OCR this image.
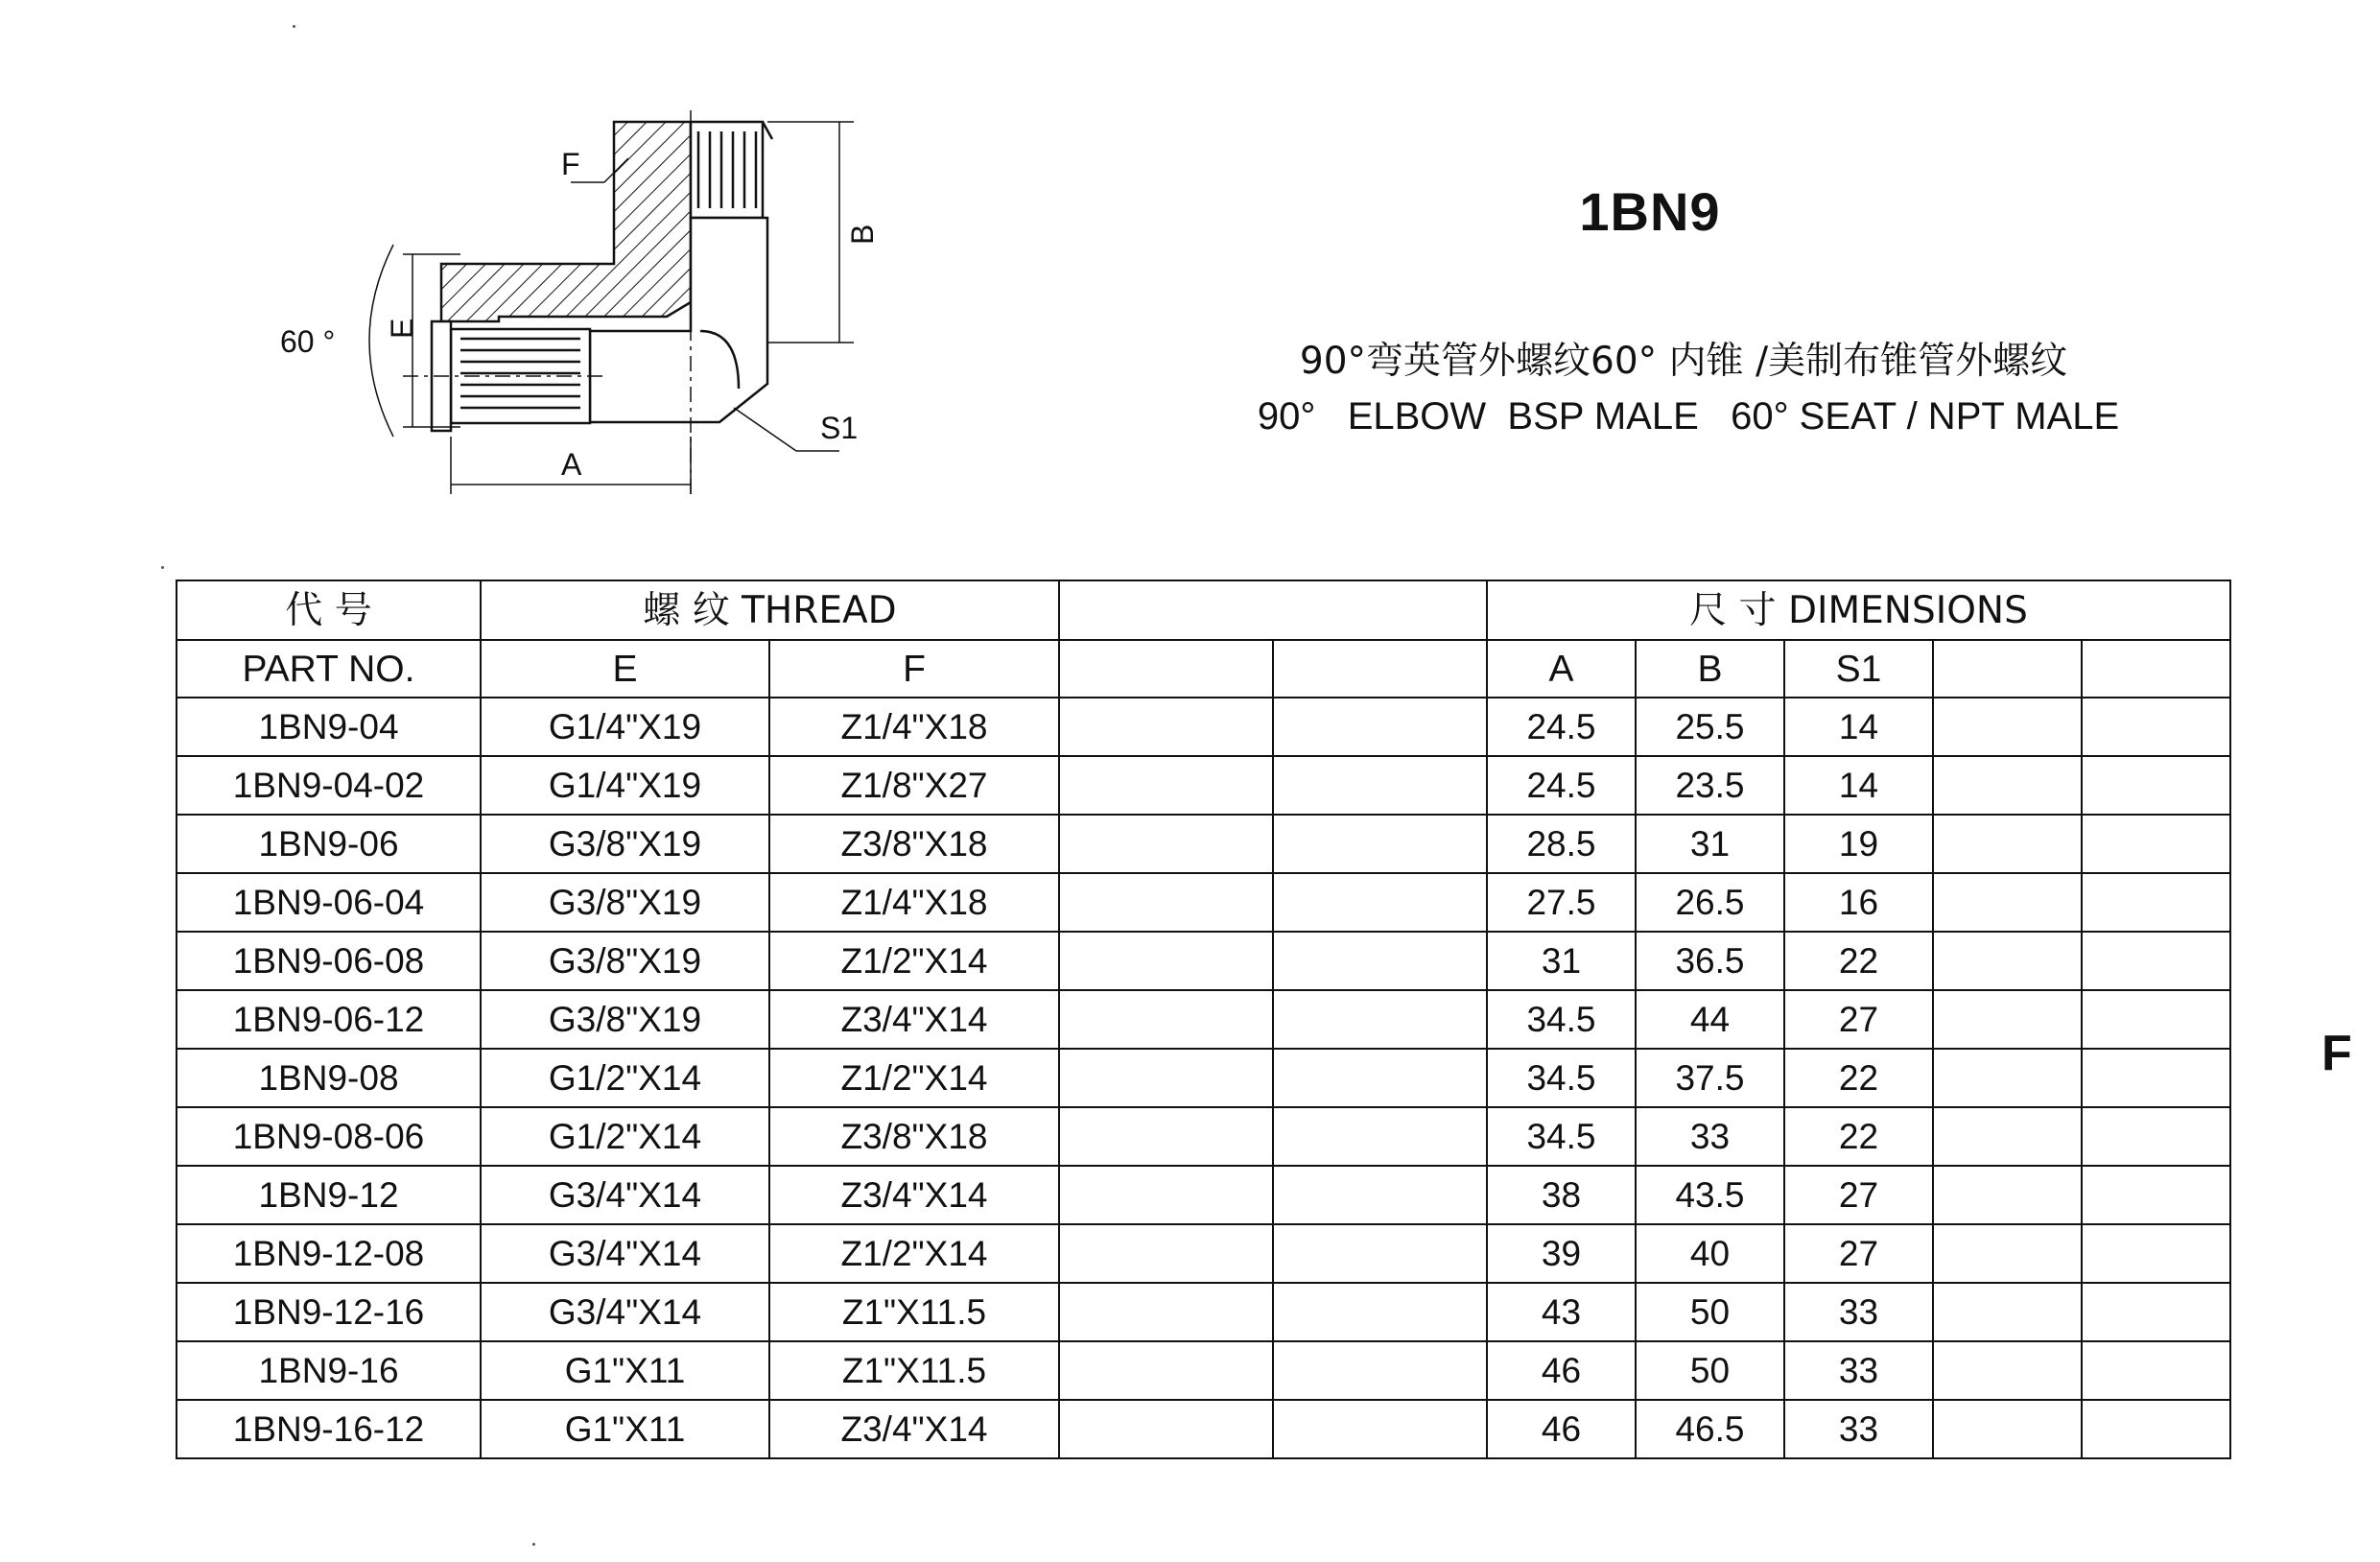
F
B
60 ° E
A
S1
1BN9
90°弯英管外螺纹60° 内锥 /美制布锥管外螺纹
90°   ELBOW  BSP MALE   60° SEAT / NPT MALE
F
代 号	螺 纹 THREAD				尺 寸 DIMENSIONS				
PART NO.	E	F			A	B	S1		
1BN9-04	G1/4"X19	Z1/4"X18			24.5	25.5	14		
1BN9-04-02	G1/4"X19	Z1/8"X27			24.5	23.5	14		
1BN9-06	G3/8"X19	Z3/8"X18			28.5	31	19		
1BN9-06-04	G3/8"X19	Z1/4"X18			27.5	26.5	16		
1BN9-06-08	G3/8"X19	Z1/2"X14			31	36.5	22		
1BN9-06-12	G3/8"X19	Z3/4"X14			34.5	44	27		
1BN9-08	G1/2"X14	Z1/2"X14			34.5	37.5	22		
1BN9-08-06	G1/2"X14	Z3/8"X18			34.5	33	22		
1BN9-12	G3/4"X14	Z3/4"X14			38	43.5	27		
1BN9-12-08	G3/4"X14	Z1/2"X14			39	40	27		
1BN9-12-16	G3/4"X14	Z1"X11.5			43	50	33		
1BN9-16	G1"X11	Z1"X11.5			46	50	33		
1BN9-16-12	G1"X11	Z3/4"X14			46	46.5	33		
